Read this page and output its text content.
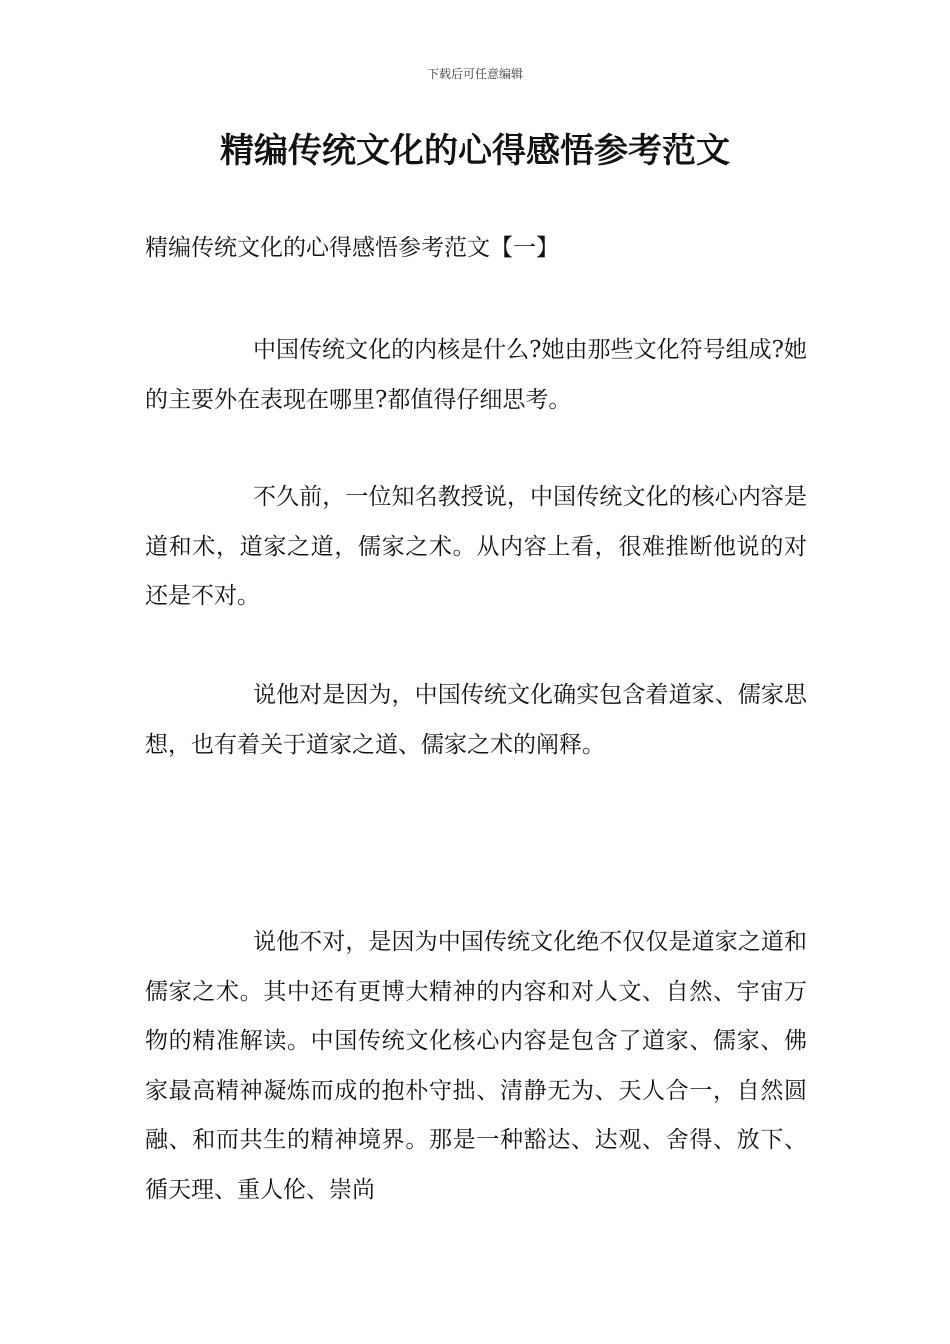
下载后可任意编辑
精编传统文化的心得感悟参考范文
精编传统文化的心得感悟参考范文【一】
中国传统文化的内核是什么?她由那些文化符号组成?她的主要外在表现在哪里?都值得仔细思考。
不久前，一位知名教授说，中国传统文化的核心内容是道和术，道家之道，儒家之术。从内容上看，很难推断他说的对还是不对。
说他对是因为，中国传统文化确实包含着道家、儒家思想，也有着关于道家之道、儒家之术的阐释。
说他不对，是因为中国传统文化绝不仅仅是道家之道和儒家之术。其中还有更博大精神的内容和对人文、自然、宇宙万物的精准解读。中国传统文化核心内容是包含了道家、儒家、佛家最高精神凝炼而成的抱朴守拙、清静无为、天人合一，自然圆融、和而共生的精神境界。那是一种豁达、达观、舍得、放下、循天理、重人伦、崇尚
